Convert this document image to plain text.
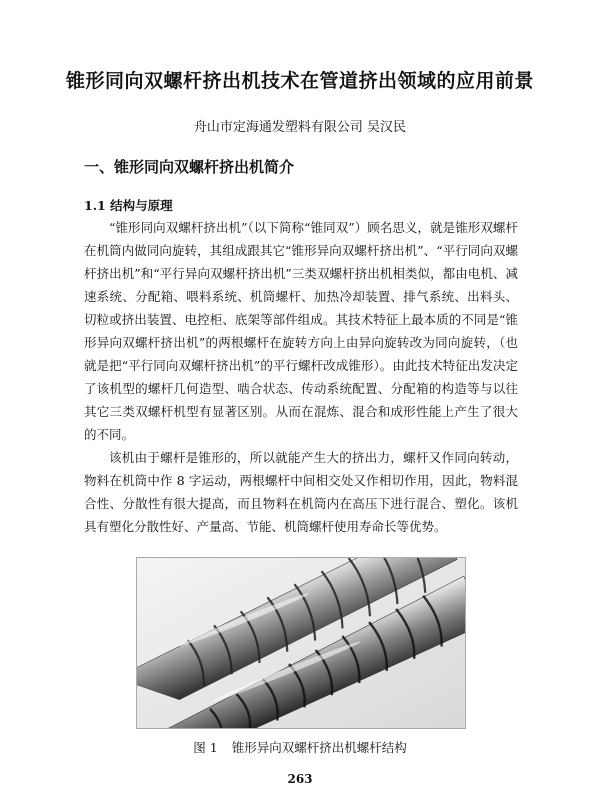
锥形同向双螺杆挤出机技术在管道挤出领域的应用前景
舟山市定海通发塑料有限公司 吴汉民
一、锥形同向双螺杆挤出机简介
1.1 结构与原理

“锥形同向双螺杆挤出机”（以下简称“锥同双”）顾名思义，就是锥形双螺杆在机筒内做同向旋转，其组成跟其它“锥形异向双螺杆挤出机”、“平行同向双螺杆挤出机”和“平行异向双螺杆挤出机”三类双螺杆挤出机相类似，都由电机、减速系统、分配箱、喂料系统、机筒螺杆、加热冷却装置、排气系统、出料头、切粒或挤出装置、电控柜、底架等部件组成。其技术特征上最本质的不同是“锥形异向双螺杆挤出机”的两根螺杆在旋转方向上由异向旋转改为同向旋转，（也就是把“平行同向双螺杆挤出机”的平行螺杆改成锥形）。由此技术特征出发决定了该机型的螺杆几何造型、啮合状态、传动系统配置、分配箱的构造等与以往其它三类双螺杆机型有显著区别。从而在混炼、混合和成形性能上产生了很大的不同。

该机由于螺杆是锥形的，所以就能产生大的挤出力，螺杆又作同向转动，物料在机筒中作 8 字运动，两根螺杆中间相交处又作相切作用，因此，物料混合性、分散性有很大提高，而且物料在机筒内在高压下进行混合、塑化。该机具有塑化分散性好、产量高、节能、机筒螺杆使用寿命长等优势。

图 1 锥形异向双螺杆挤出机螺杆结构
263
